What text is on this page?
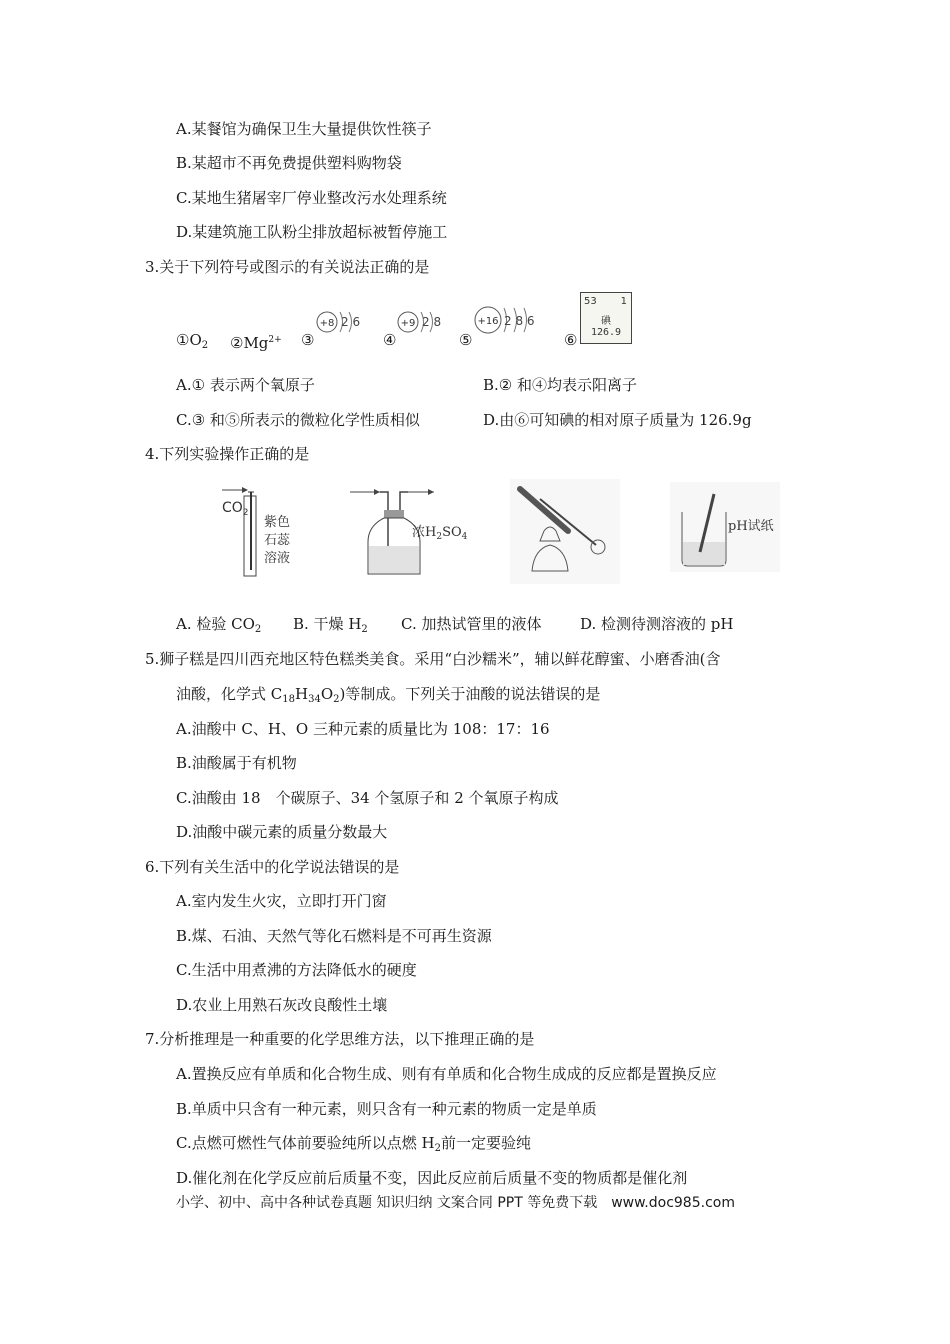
A.某餐馆为确保卫生大量提供饮性筷子
B.某超市不再免费提供塑料购物袋
C.某地生猪屠宰厂停业整改污水处理系统
D.某建筑施工队粉尘排放超标被暂停施工
3.关于下列符号或图示的有关说法正确的是
$①O_2$ $②Mg^{2+}$ ③	④	⑤	⑥
+8 2 6	+9 2 8	+16 2 8 6
53 1
碘
126.9
A.① 表示两个氧原子	B.② 和④均表示阳离子
C.③ 和⑤所表示的微粒化学性质相似	D.由⑥可知碘的相对原子质量为 126.9g
4.下列实验操作正确的是
$CO_2$
紫色
石蕊
溶液
浓$H_2SO_4$
pH试纸
A. 检验 $CO_2$ B. 干燥 $H_2$ C. 加热试管里的液体	D. 检测待测溶液的 pH
5.狮子糕是四川西充地区特色糕类美食。采用“白沙糯米”，辅以鲜花醇蜜、小磨香油(含
油酸，化学式 $C_{18}H_{34}O_2$)等制成。下列关于油酸的说法错误的是
A.油酸中 C、H、O 三种元素的质量比为 108：17：16
B.油酸属于有机物
C.油酸由 18　个碳原子、34 个氢原子和 2 个氧原子构成
D.油酸中碳元素的质量分数最大
6.下列有关生活中的化学说法错误的是
A.室内发生火灾，立即打开门窗
B.煤、石油、天然气等化石燃料是不可再生资源
C.生活中用煮沸的方法降低水的硬度
D.农业上用熟石灰改良酸性土壤
7.分析推理是一种重要的化学思维方法，以下推理正确的是
A.置换反应有单质和化合物生成、则有有单质和化合物生成成的反应都是置换反应
B.单质中只含有一种元素，则只含有一种元素的物质一定是单质
C.点燃可燃性气体前要验纯所以点燃 $H_2$前一定要验纯
D.催化剂在化学反应前后质量不变，因此反应前后质量不变的物质都是催化剂
小学、初中、高中各种试卷真题 知识归纳 文案合同 PPT 等免费下载　www.doc985.com
